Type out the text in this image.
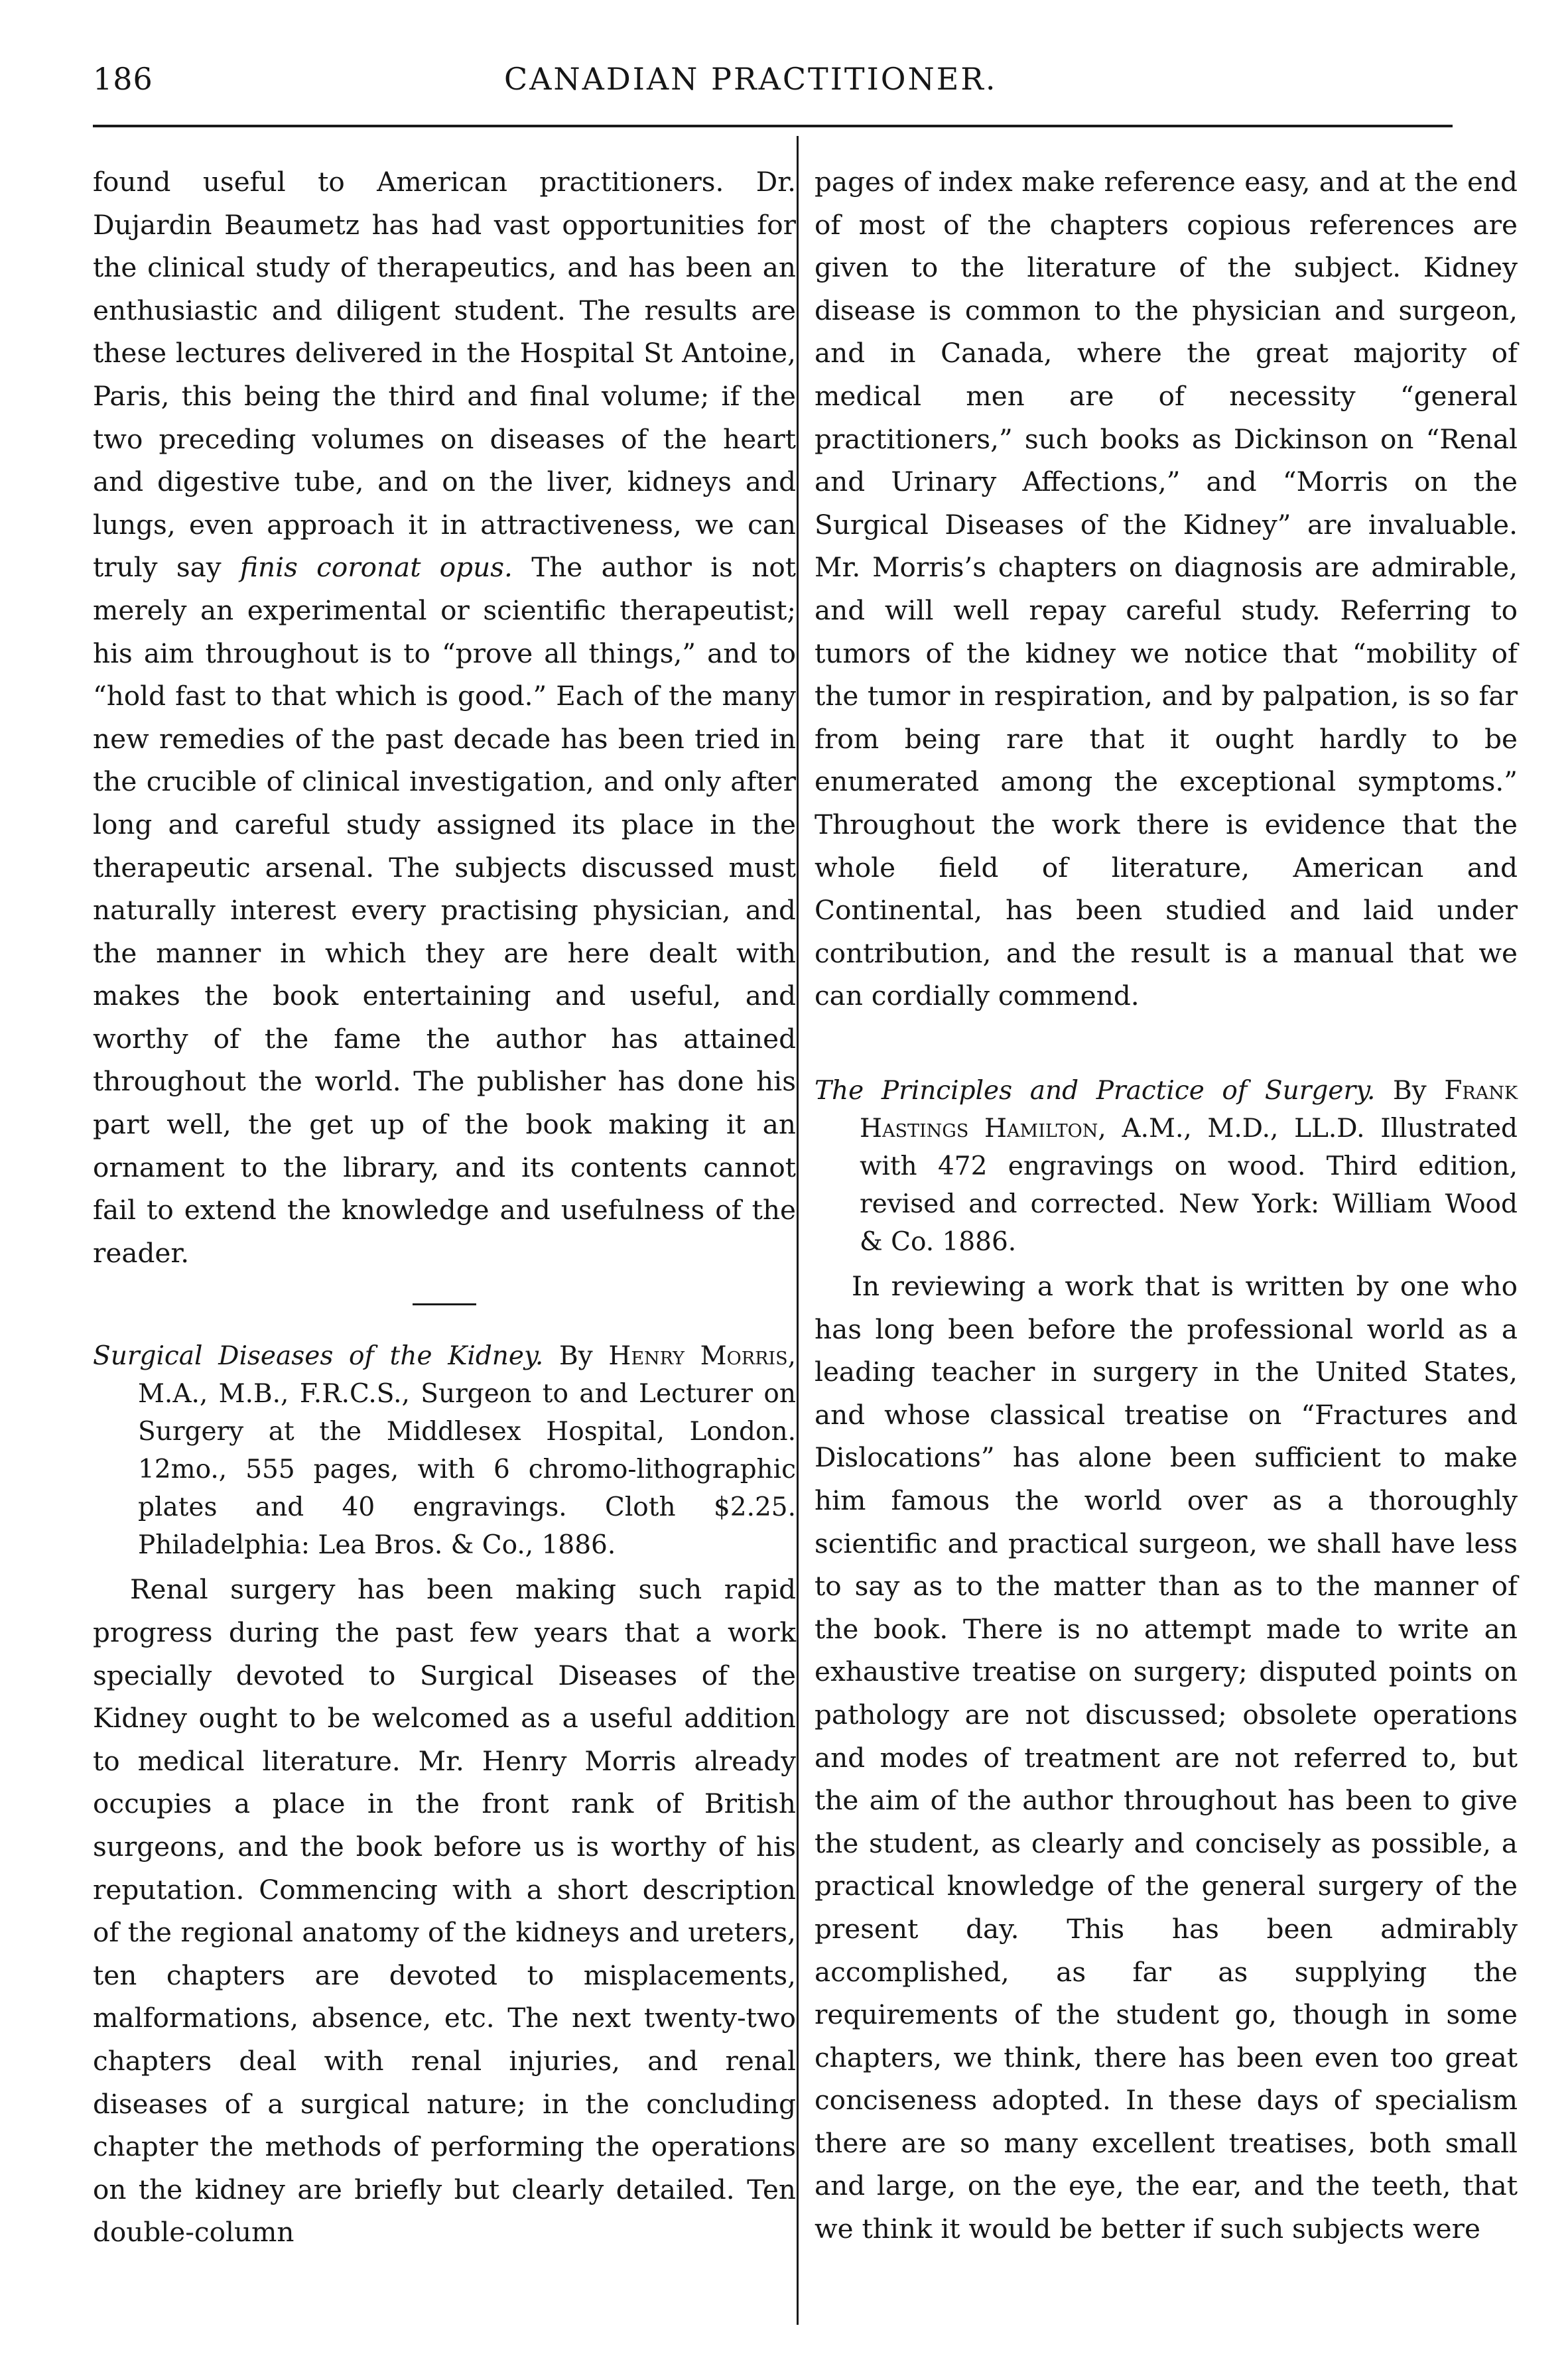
186	CANADIAN PRACTITIONER.

found useful to American practitioners. Dr. Dujardin Beaumetz has had vast opportunities for the clinical study of therapeutics, and has been an enthusiastic and diligent student. The results are these lectures delivered in the Hospital St Antoine, Paris, this being the third and final volume; if the two preceding volumes on diseases of the heart and digestive tube, and on the liver, kidneys and lungs, even approach it in attractiveness, we can truly say finis coronat opus. The author is not merely an experimental or scientific therapeutist; his aim throughout is to “prove all things,” and to “hold fast to that which is good.” Each of the many new remedies of the past decade has been tried in the crucible of clinical investigation, and only after long and careful study assigned its place in the therapeutic arsenal. The subjects discussed must naturally interest every practising physician, and the manner in which they are here dealt with makes the book entertaining and useful, and worthy of the fame the author has attained throughout the world. The publisher has done his part well, the get up of the book making it an ornament to the library, and its contents cannot fail to extend the knowledge and usefulness of the reader.

Surgical Diseases of the Kidney. By Henry Morris, M.A., M.B., F.R.C.S., Surgeon to and Lecturer on Surgery at the Middlesex Hospital, London. 12mo., 555 pages, with 6 chromo-lithographic plates and 40 engravings. Cloth $2.25. Philadelphia: Lea Bros. & Co., 1886.

Renal surgery has been making such rapid progress during the past few years that a work specially devoted to Surgical Diseases of the Kidney ought to be welcomed as a useful addition to medical literature. Mr. Henry Morris already occupies a place in the front rank of British surgeons, and the book before us is worthy of his reputation. Commencing with a short description of the regional anatomy of the kidneys and ureters, ten chapters are devoted to misplacements, malformations, absence, etc. The next twenty-two chapters deal with renal injuries, and renal diseases of a surgical nature; in the concluding chapter the methods of performing the operations on the kidney are briefly but clearly detailed. Ten double-column

pages of index make reference easy, and at the end of most of the chapters copious references are given to the literature of the subject. Kidney disease is common to the physician and surgeon, and in Canada, where the great majority of medical men are of necessity “general practitioners,” such books as Dickinson on “Renal and Urinary Affections,” and “Morris on the Surgical Diseases of the Kidney” are invaluable. Mr. Morris’s chapters on diagnosis are admirable, and will well repay careful study. Referring to tumors of the kidney we notice that “mobility of the tumor in respiration, and by palpation, is so far from being rare that it ought hardly to be enumerated among the exceptional symptoms.” Throughout the work there is evidence that the whole field of literature, American and Continental, has been studied and laid under contribution, and the result is a manual that we can cordially commend.

The Principles and Practice of Surgery. By Frank Hastings Hamilton, A.M., M.D., LL.D. Illustrated with 472 engravings on wood. Third edition, revised and corrected. New York: William Wood & Co. 1886.

In reviewing a work that is written by one who has long been before the professional world as a leading teacher in surgery in the United States, and whose classical treatise on “Fractures and Dislocations” has alone been sufficient to make him famous the world over as a thoroughly scientific and practical surgeon, we shall have less to say as to the matter than as to the manner of the book. There is no attempt made to write an exhaustive treatise on surgery; disputed points on pathology are not discussed; obsolete operations and modes of treatment are not referred to, but the aim of the author throughout has been to give the student, as clearly and concisely as possible, a practical knowledge of the general surgery of the present day. This has been admirably accomplished, as far as supplying the requirements of the student go, though in some chapters, we think, there has been even too great conciseness adopted. In these days of specialism there are so many excellent treatises, both small and large, on the eye, the ear, and the teeth, that we think it would be better if such subjects were
